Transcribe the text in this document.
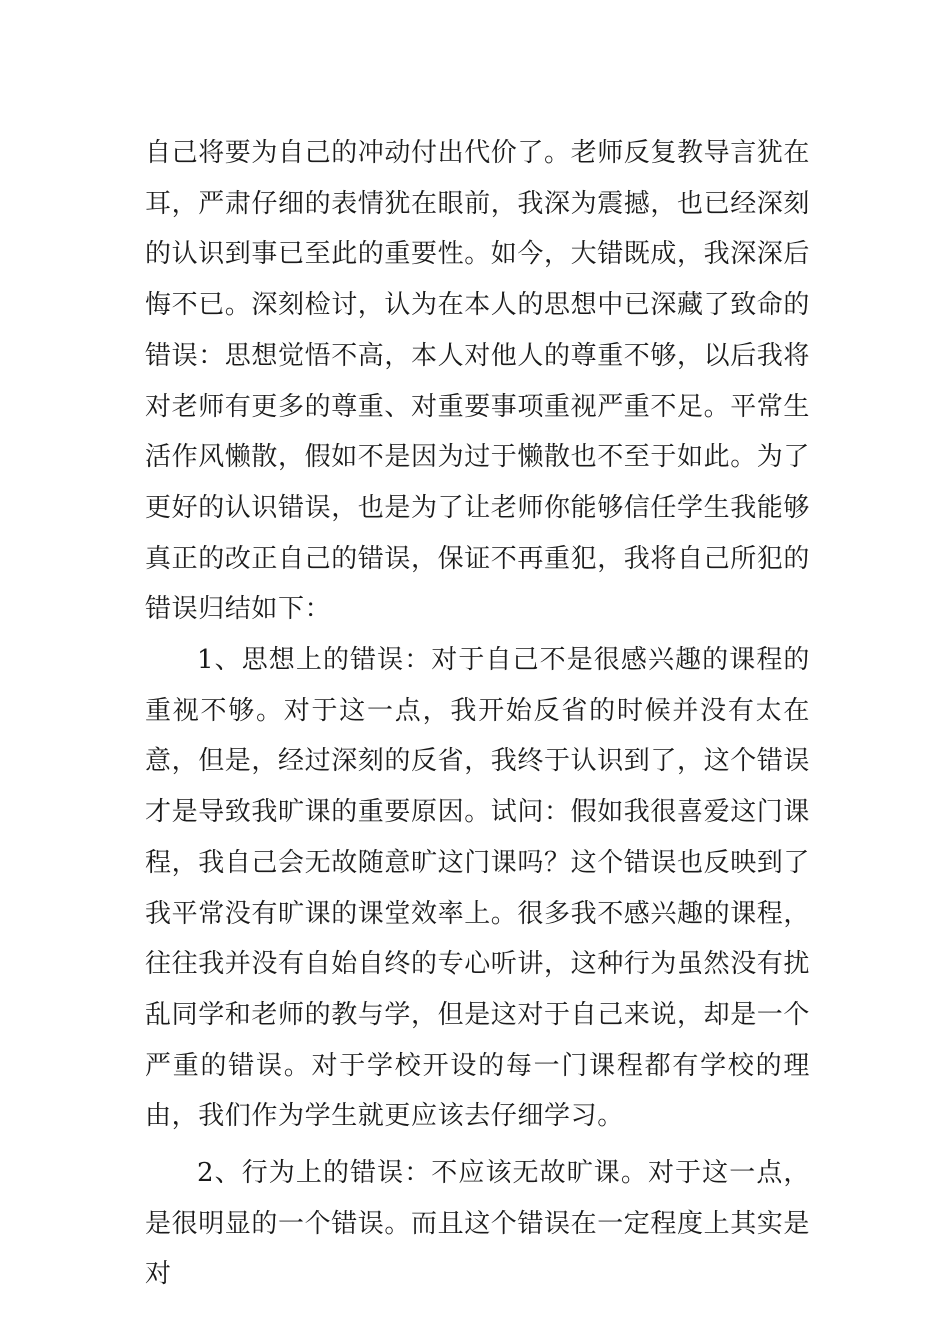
自己将要为自己的冲动付出代价了。老师反复教导言犹在耳，严肃仔细的表情犹在眼前，我深为震撼，也已经深刻的认识到事已至此的重要性。如今，大错既成，我深深后悔不已。深刻检讨，认为在本人的思想中已深藏了致命的错误：思想觉悟不高，本人对他人的尊重不够，以后我将对老师有更多的尊重、对重要事项重视严重不足。平常生活作风懒散，假如不是因为过于懒散也不至于如此。为了更好的认识错误，也是为了让老师你能够信任学生我能够真正的改正自己的错误，保证不再重犯，我将自己所犯的错误归结如下：

1、思想上的错误：对于自己不是很感兴趣的课程的重视不够。对于这一点，我开始反省的时候并没有太在意，但是，经过深刻的反省，我终于认识到了，这个错误才是导致我旷课的重要原因。试问：假如我很喜爱这门课程，我自己会无故随意旷这门课吗？这个错误也反映到了我平常没有旷课的课堂效率上。很多我不感兴趣的课程，往往我并没有自始自终的专心听讲，这种行为虽然没有扰乱同学和老师的教与学，但是这对于自己来说，却是一个严重的错误。对于学校开设的每一门课程都有学校的理由，我们作为学生就更应该去仔细学习。

2、行为上的错误：不应该无故旷课。对于这一点，是很明显的一个错误。而且这个错误在一定程度上其实是对
